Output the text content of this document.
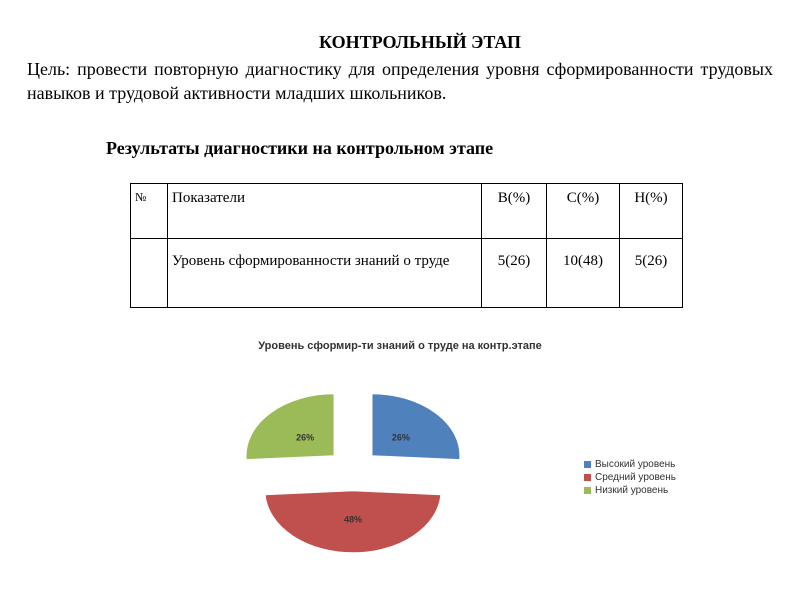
КОНТРОЛЬНЫЙ ЭТАП
Цель: провести повторную диагностику для определения уровня сформированности трудовых навыков и трудовой активности младших школьников.
Результаты диагностики на контрольном этапе
№	Показатели	В(%)	С(%)	Н(%)
	Уровень сформированности знаний о труде	5(26)	10(48)	5(26)
Уровень сформир-ти знаний о труде на контр.этапе
26%
48%
26%
Высокий уровень
Средний уровень
Низкий уровень
